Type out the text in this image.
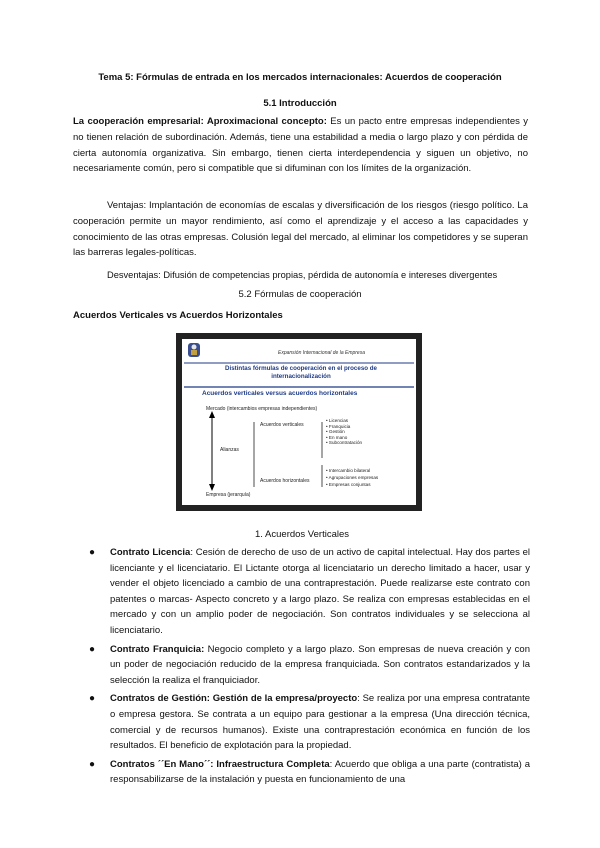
Tema 5: Fórmulas de entrada en los mercados internacionales: Acuerdos de cooperación
5.1 Introducción
La cooperación empresarial: Aproximacional concepto: Es un pacto entre empresas independientes y no tienen relación de subordinación. Además, tiene una estabilidad a media o largo plazo y con pérdida de cierta autonomía organizativa. Sin embargo, tienen cierta interdependencia y siguen un objetivo, no necesariamente común, pero si compatible que si difuminan con los límites de la organización.
Ventajas: Implantación de economías de escalas y diversificación de los riesgos (riesgo político. La cooperación permite un mayor rendimiento, así como el aprendizaje y el acceso a las capacidades y conocimiento de las otras empresas. Colusión legal del mercado, al eliminar los competidores y se superan las barreras legales-políticas.
Desventajas: Difusión de competencias propias, pérdida de autonomía e intereses divergentes
5.2 Fórmulas de cooperación
Acuerdos Verticales vs Acuerdos Horizontales
Expansión Internacional de la Empresa
Distintas fórmulas de cooperación en el proceso de
internacionalización
Acuerdos verticales versus acuerdos horizontales
Mercado (intercambios empresas independientes)
Alianzas
Empresa (jerarquía)
Acuerdos verticales
Acuerdos horizontales
• Licencias
• Franquicia
• Gestión
• En mano
• Subcontratación
• Intercambio bilateral
• Agrupaciones empresas
• Empresas conjuntas
1. Acuerdos Verticales
● Contrato Licencia: Cesión de derecho de uso de un activo de capital intelectual. Hay dos partes el licenciante y el licenciatario. El Lictante otorga al licenciatario un derecho limitado a hacer, usar y vender el objeto licenciado a cambio de una contraprestación. Puede realizarse este contrato con patentes o marcas- Aspecto concreto y a largo plazo. Se realiza con empresas establecidas en el mercado y con un amplio poder de negociación. Son contratos individuales y se selecciona al licenciatario.
● Contrato Franquicia: Negocio completo y a largo plazo. Son empresas de nueva creación y con un poder de negociación reducido de la empresa franquiciada. Son contratos estandarizados y la selección la realiza el franquiciador.
● Contratos de Gestión: Gestión de la empresa/proyecto: Se realiza por una empresa contratante o empresa gestora. Se contrata a un equipo para gestionar a la empresa (Una dirección técnica, comercial y de recursos humanos). Existe una contraprestación económica en función de los resultados. El beneficio de explotación para la propiedad.
● Contratos ´´En Mano´´: Infraestructura Completa: Acuerdo que obliga a una parte (contratista) a responsabilizarse de la instalación y puesta en funcionamiento de una
